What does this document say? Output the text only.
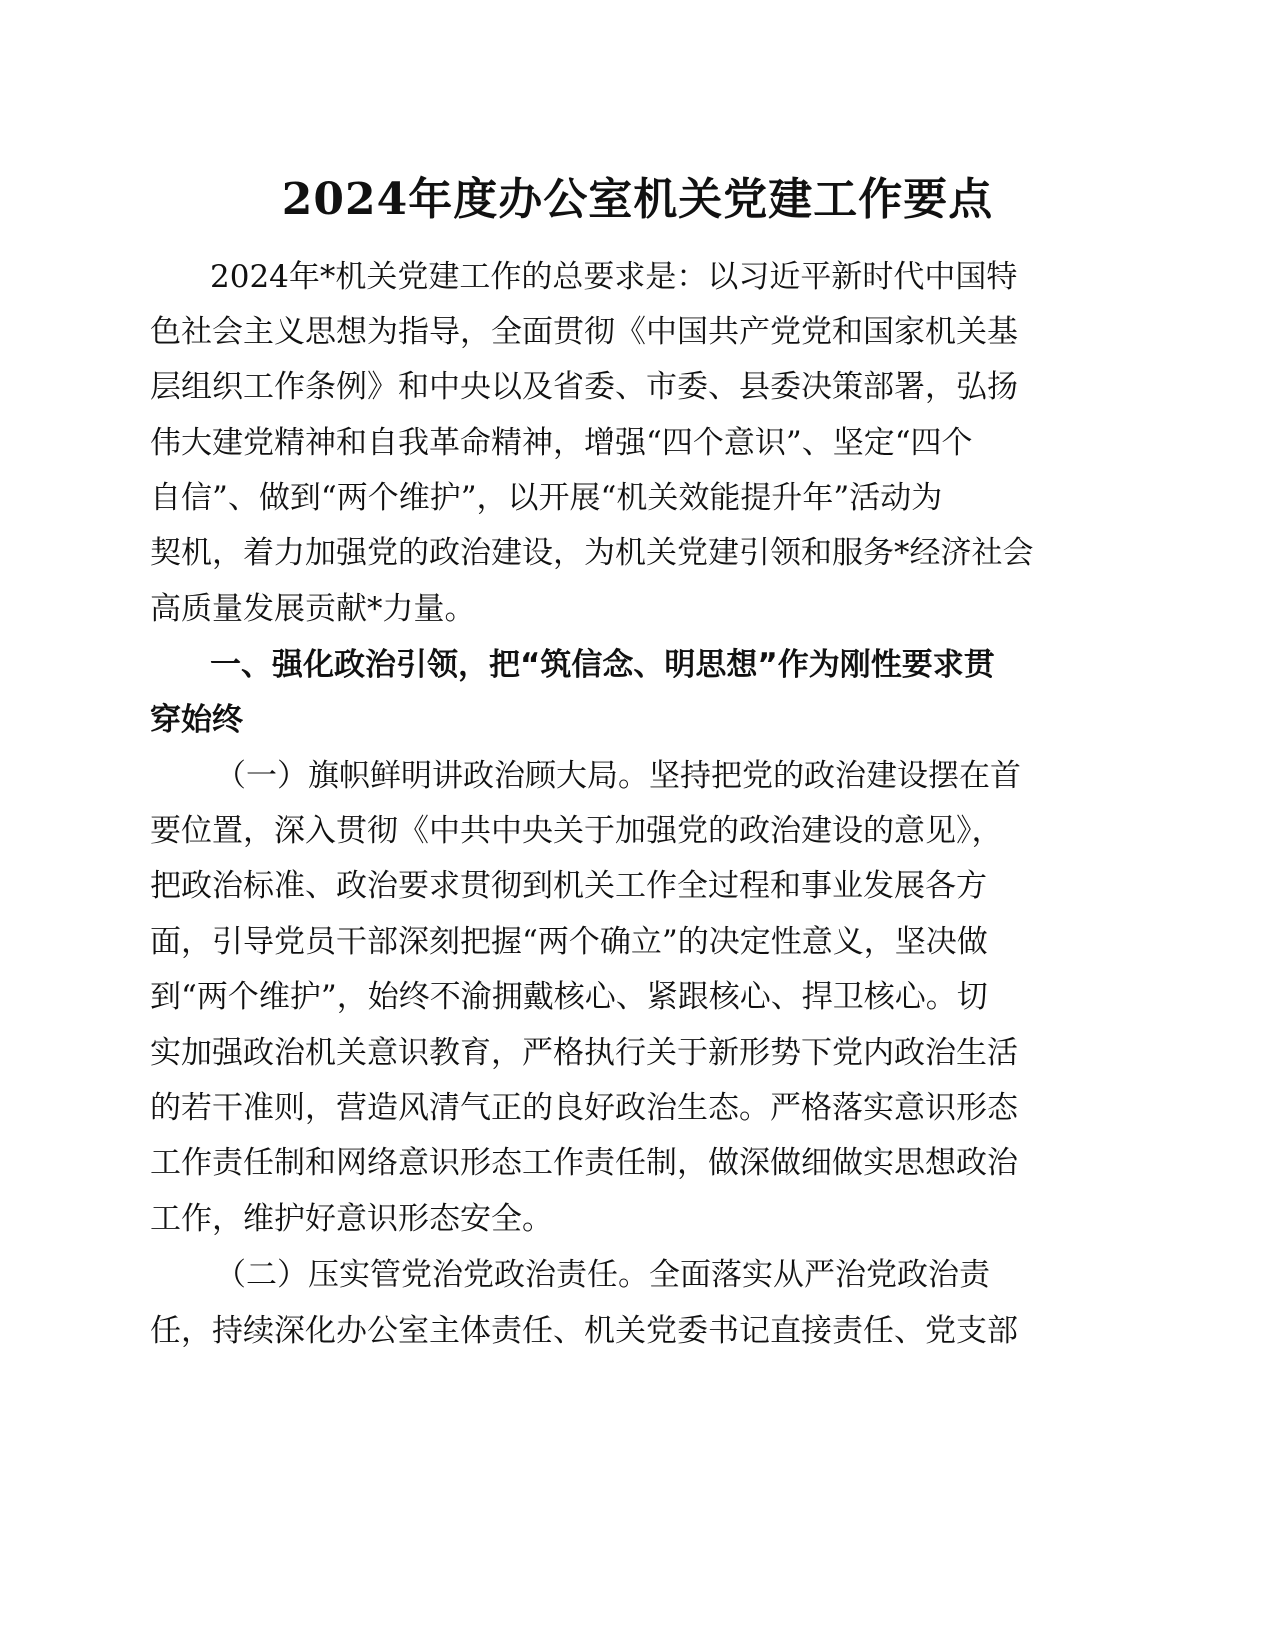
2024年度办公室机关党建工作要点

2024年*机关党建工作的总要求是：以习近平新时代中国特

色社会主义思想为指导，全面贯彻《中国共产党党和国家机关基

层组织工作条例》和中央以及省委、市委、县委决策部署，弘扬

伟大建党精神和自我革命精神，增强“四个意识”、坚定“四个

自信”、做到“两个维护”，以开展“机关效能提升年”活动为

契机，着力加强党的政治建设，为机关党建引领和服务*经济社会

高质量发展贡献*力量。

一、强化政治引领，把“筑信念、明思想”作为刚性要求贯

穿始终

（一）旗帜鲜明讲政治顾大局。坚持把党的政治建设摆在首

要位置，深入贯彻《中共中央关于加强党的政治建设的意见》，

把政治标准、政治要求贯彻到机关工作全过程和事业发展各方

面，引导党员干部深刻把握“两个确立”的决定性意义，坚决做

到“两个维护”，始终不渝拥戴核心、紧跟核心、捍卫核心。切

实加强政治机关意识教育，严格执行关于新形势下党内政治生活

的若干准则，营造风清气正的良好政治生态。严格落实意识形态

工作责任制和网络意识形态工作责任制，做深做细做实思想政治

工作，维护好意识形态安全。

（二）压实管党治党政治责任。全面落实从严治党政治责

任，持续深化办公室主体责任、机关党委书记直接责任、党支部
